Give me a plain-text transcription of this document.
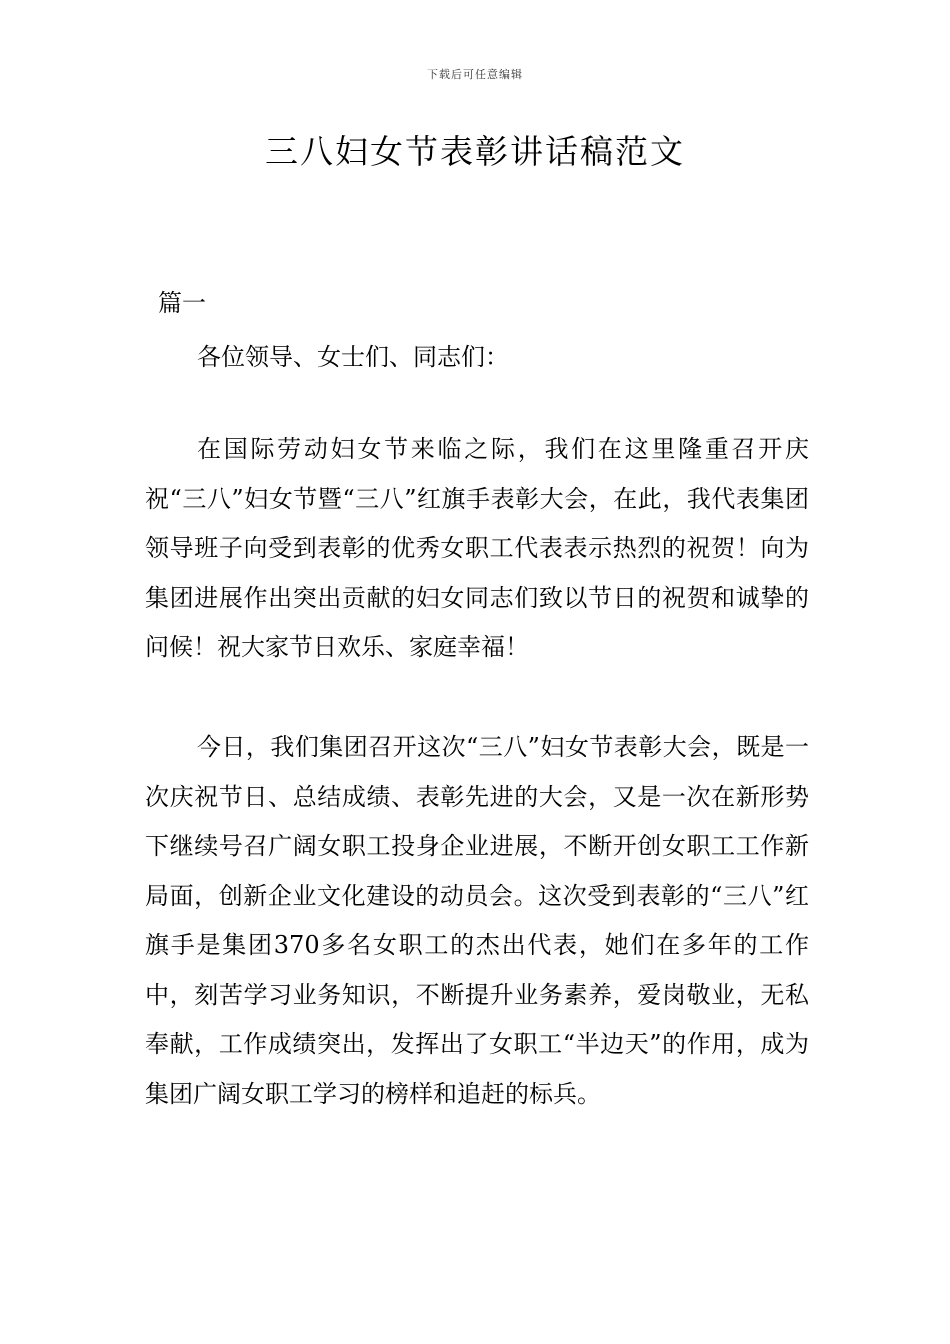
下载后可任意编辑
三八妇女节表彰讲话稿范文
篇一
各位领导、女士们、同志们：

在国际劳动妇女节来临之际，我们在这里隆重召开庆祝“三八”妇女节暨“三八”红旗手表彰大会，在此，我代表集团领导班子向受到表彰的优秀女职工代表表示热烈的祝贺！向为集团进展作出突出贡献的妇女同志们致以节日的祝贺和诚挚的问候！祝大家节日欢乐、家庭幸福！

今日，我们集团召开这次“三八”妇女节表彰大会，既是一次庆祝节日、总结成绩、表彰先进的大会，又是一次在新形势下继续号召广阔女职工投身企业进展，不断开创女职工工作新局面，创新企业文化建设的动员会。这次受到表彰的“三八”红旗手是集团370多名女职工的杰出代表，她们在多年的工作中，刻苦学习业务知识，不断提升业务素养，爱岗敬业，无私奉献，工作成绩突出，发挥出了女职工“半边天”的作用，成为集团广阔女职工学习的榜样和追赶的标兵。
